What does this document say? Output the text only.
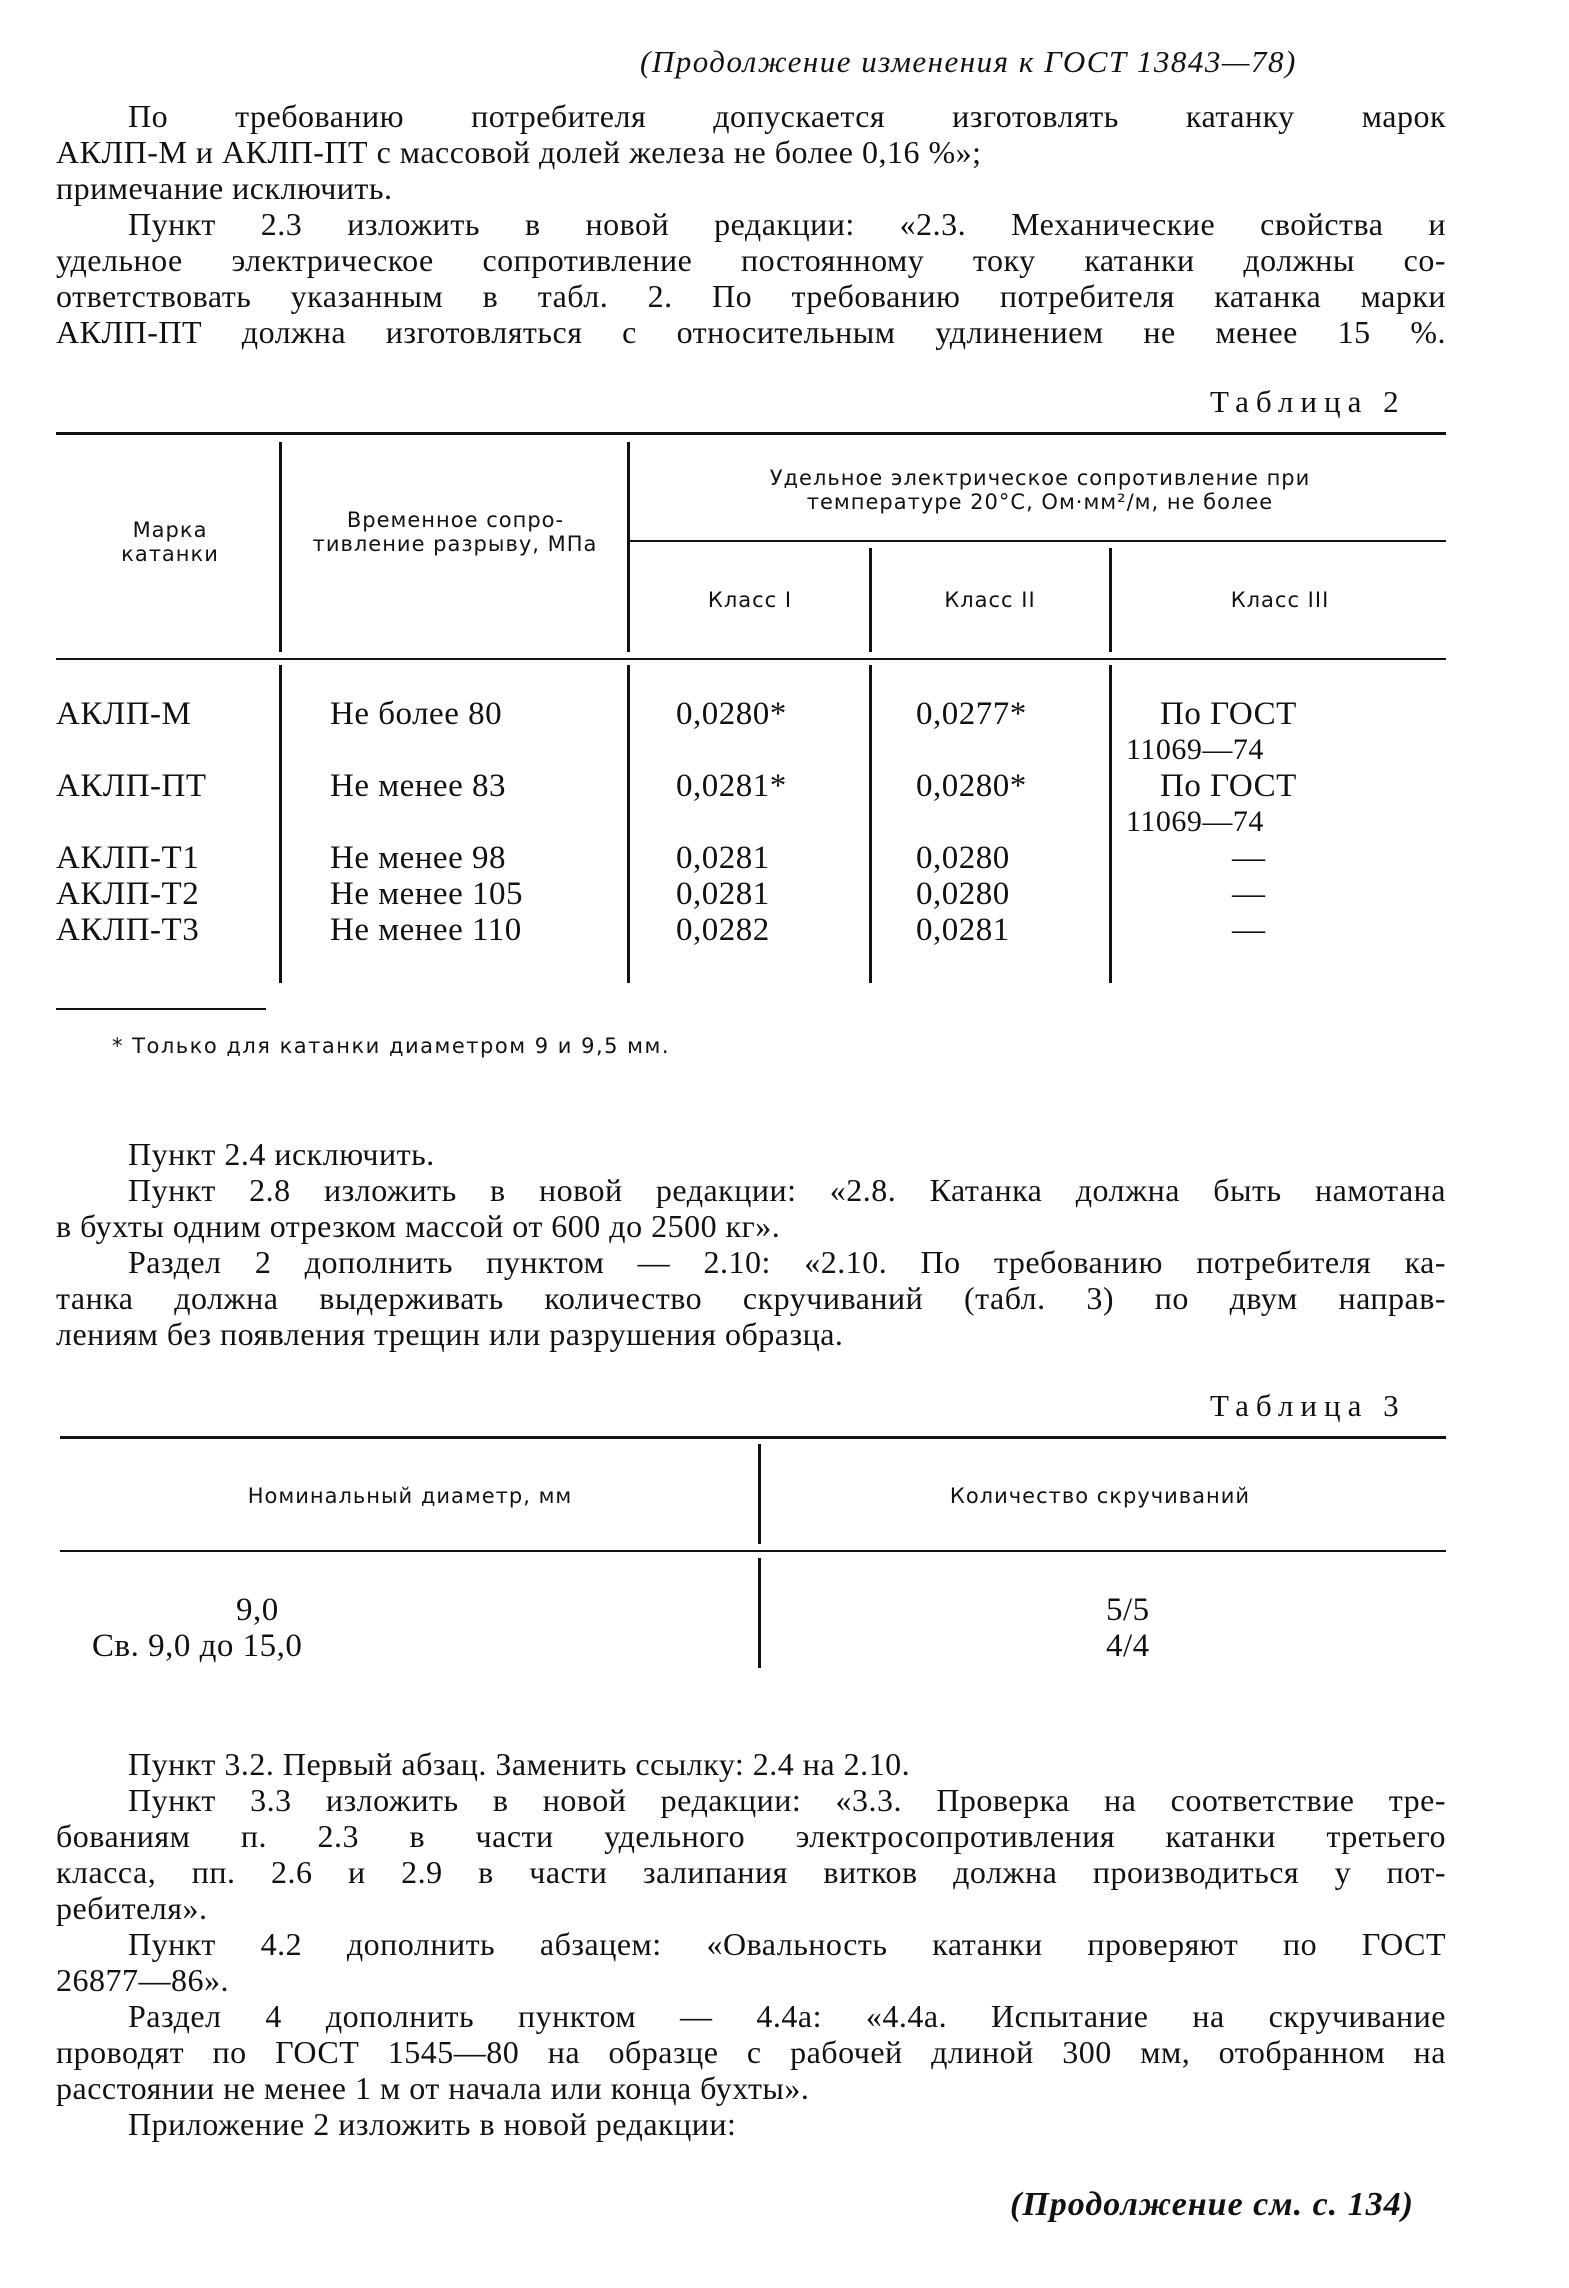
(Продолжение изменения к ГОСТ 13843—78)
По требованию потребителя допускается изготовлять катанку марок
АКЛП-М и АКЛП-ПТ с массовой долей железа не более 0,16 %»;
примечание исключить.
Пункт 2.3 изложить в новой редакции: «2.3. Механические свойства и
удельное электрическое сопротивление постоянному току катанки должны со-
ответствовать указанным в табл. 2. По требованию потребителя катанка марки
АКЛП-ПТ должна изготовляться с относительным удлинением не менее 15 %.
Таблица 2
Марка катанки
Временное сопротивление разрыву, МПа
Удельное электрическое сопротивление при температуре 20°С, Ом·мм²/м, не более
Класс I	Класс II	Класс III
АКЛП-М	Не более 80	0,0280*	0,0277*	По ГОСТ
11069—74
АКЛП-ПТ	Не менее 83	0,0281*	0,0280*	По ГОСТ
11069—74
АКЛП-Т1	Не менее 98	0,0281	0,0280	—
АКЛП-Т2	Не менее 105	0,0281	0,0280	—
АКЛП-Т3	Не менее 110	0,0282	0,0281	—
* Только для катанки диаметром 9 и 9,5 мм.
Пункт 2.4 исключить.
Пункт 2.8 изложить в новой редакции: «2.8. Катанка должна быть намотана
в бухты одним отрезком массой от 600 до 2500 кг».
Раздел 2 дополнить пунктом — 2.10: «2.10. По требованию потребителя ка-
танка должна выдерживать количество скручиваний (табл. 3) по двум направ-
лениям без появления трещин или разрушения образца.
Таблица 3
Номинальный диаметр, мм	Количество скручиваний
9,0	5/5
Св. 9,0 до 15,0	4/4
Пункт 3.2. Первый абзац. Заменить ссылку: 2.4 на 2.10.
Пункт 3.3 изложить в новой редакции: «3.3. Проверка на соответствие тре-
бованиям п. 2.3 в части удельного электросопротивления катанки третьего
класса, пп. 2.6 и 2.9 в части залипания витков должна производиться у пот-
ребителя».
Пункт 4.2 дополнить абзацем: «Овальность катанки проверяют по ГОСТ
26877—86».
Раздел 4 дополнить пунктом — 4.4а: «4.4а. Испытание на скручивание
проводят по ГОСТ 1545—80 на образце с рабочей длиной 300 мм, отобранном на
расстоянии не менее 1 м от начала или конца бухты».
Приложение 2 изложить в новой редакции:
(Продолжение см. с. 134)
